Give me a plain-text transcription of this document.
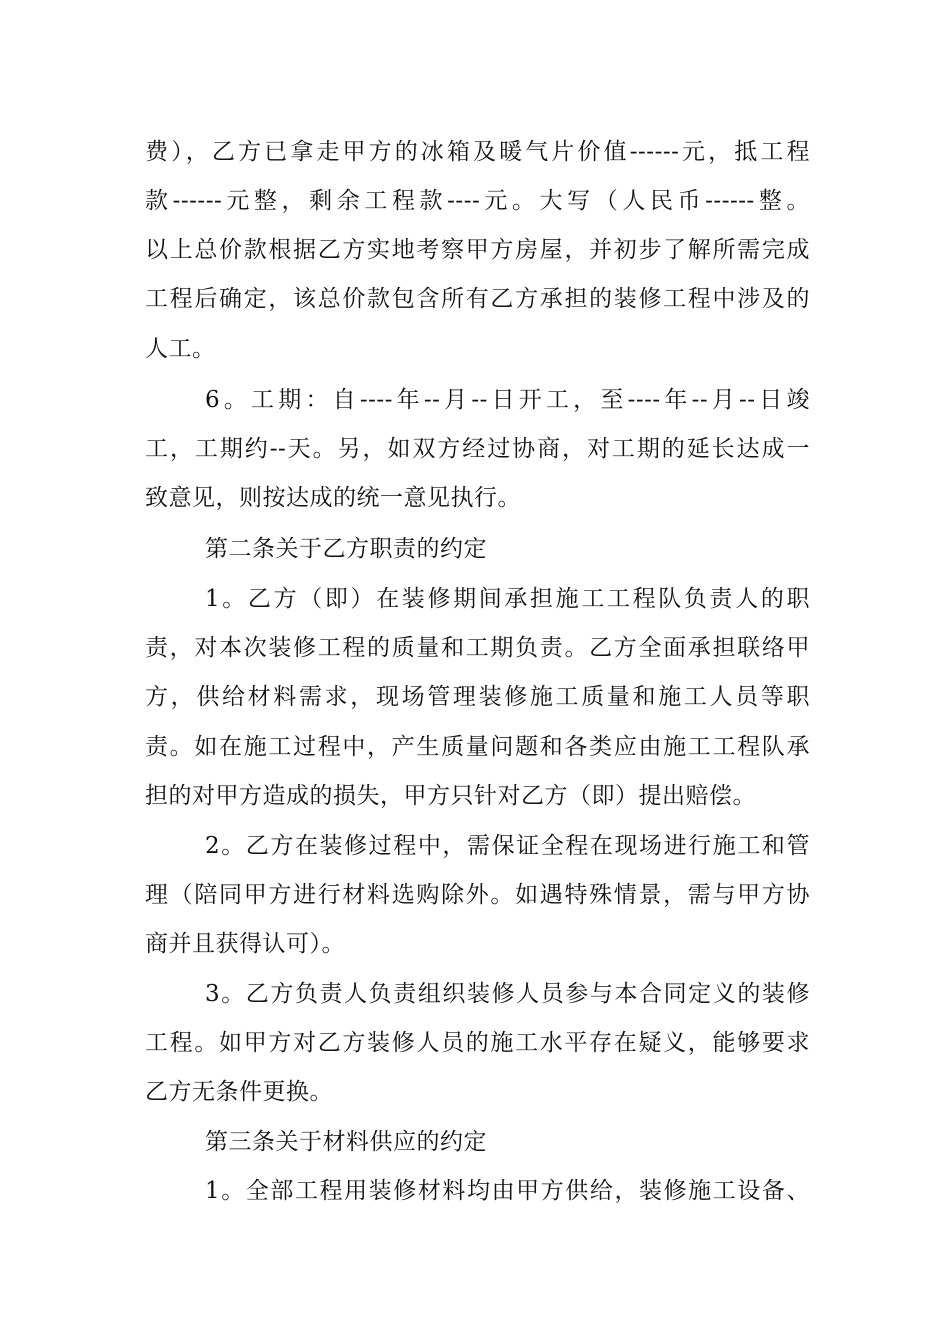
费），乙方已拿走甲方的冰箱及暖气片价值------元，抵工程
款------元整，剩余工程款----元。大写（人民币------整。
以上总价款根据乙方实地考察甲方房屋，并初步了解所需完成
工程后确定，该总价款包含所有乙方承担的装修工程中涉及的
人工。
6。工期：自----年--月--日开工，至----年--月--日竣
工，工期约--天。另，如双方经过协商，对工期的延长达成一
致意见，则按达成的统一意见执行。
第二条关于乙方职责的约定
1。乙方（即）在装修期间承担施工工程队负责人的职
责，对本次装修工程的质量和工期负责。乙方全面承担联络甲
方，供给材料需求，现场管理装修施工质量和施工人员等职
责。如在施工过程中，产生质量问题和各类应由施工工程队承
担的对甲方造成的损失，甲方只针对乙方（即）提出赔偿。
2。乙方在装修过程中，需保证全程在现场进行施工和管
理（陪同甲方进行材料选购除外。如遇特殊情景，需与甲方协
商并且获得认可）。
3。乙方负责人负责组织装修人员参与本合同定义的装修
工程。如甲方对乙方装修人员的施工水平存在疑义，能够要求
乙方无条件更换。
第三条关于材料供应的约定
1。全部工程用装修材料均由甲方供给，装修施工设备、
